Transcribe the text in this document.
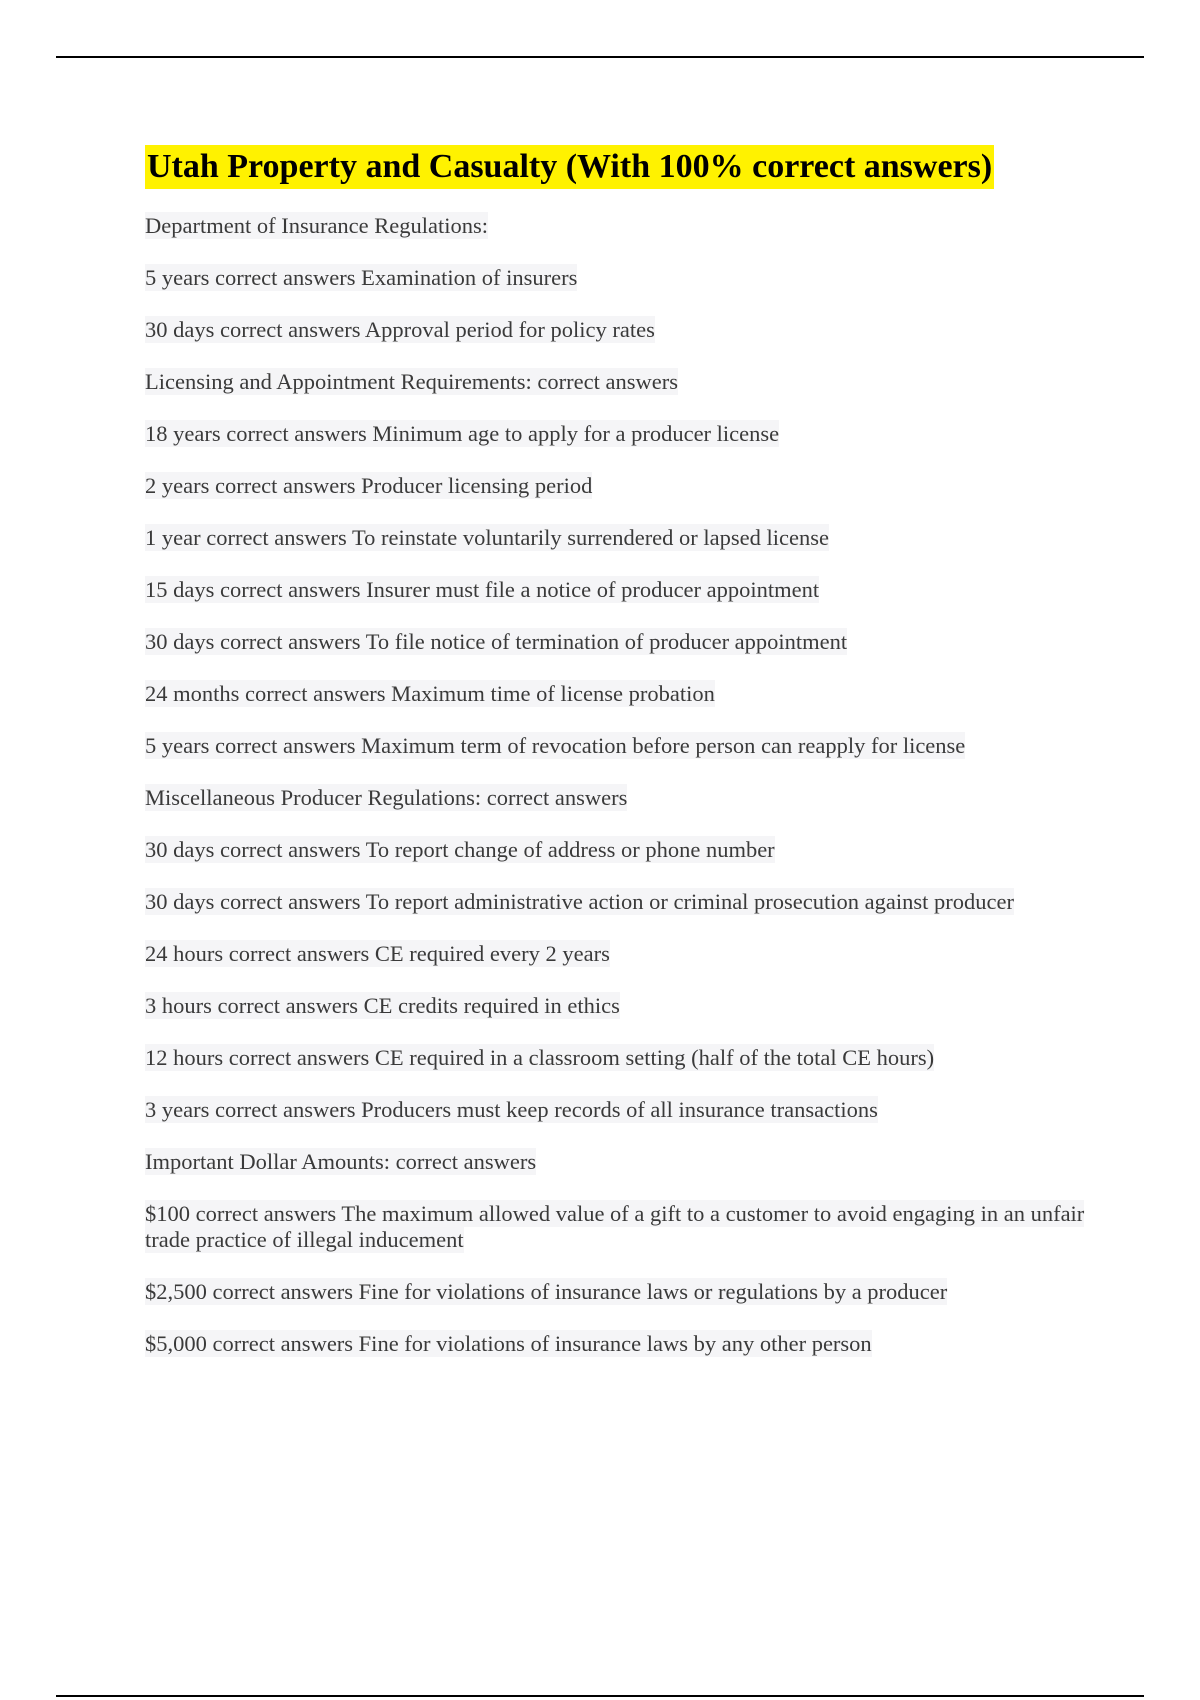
Utah Property and Casualty (With 100% correct answers)
Department of Insurance Regulations:
5 years correct answers Examination of insurers
30 days correct answers Approval period for policy rates
Licensing and Appointment Requirements: correct answers
18 years correct answers Minimum age to apply for a producer license
2 years correct answers Producer licensing period
1 year correct answers To reinstate voluntarily surrendered or lapsed license
15 days correct answers Insurer must file a notice of producer appointment
30 days correct answers To file notice of termination of producer appointment
24 months correct answers Maximum time of license probation
5 years correct answers Maximum term of revocation before person can reapply for license
Miscellaneous Producer Regulations: correct answers
30 days correct answers To report change of address or phone number
30 days correct answers To report administrative action or criminal prosecution against producer
24 hours correct answers CE required every 2 years
3 hours correct answers CE credits required in ethics
12 hours correct answers CE required in a classroom setting (half of the total CE hours)
3 years correct answers Producers must keep records of all insurance transactions
Important Dollar Amounts: correct answers
$100 correct answers The maximum allowed value of a gift to a customer to avoid engaging in an unfair trade practice of illegal inducement
$2,500 correct answers Fine for violations of insurance laws or regulations by a producer
$5,000 correct answers Fine for violations of insurance laws by any other person
